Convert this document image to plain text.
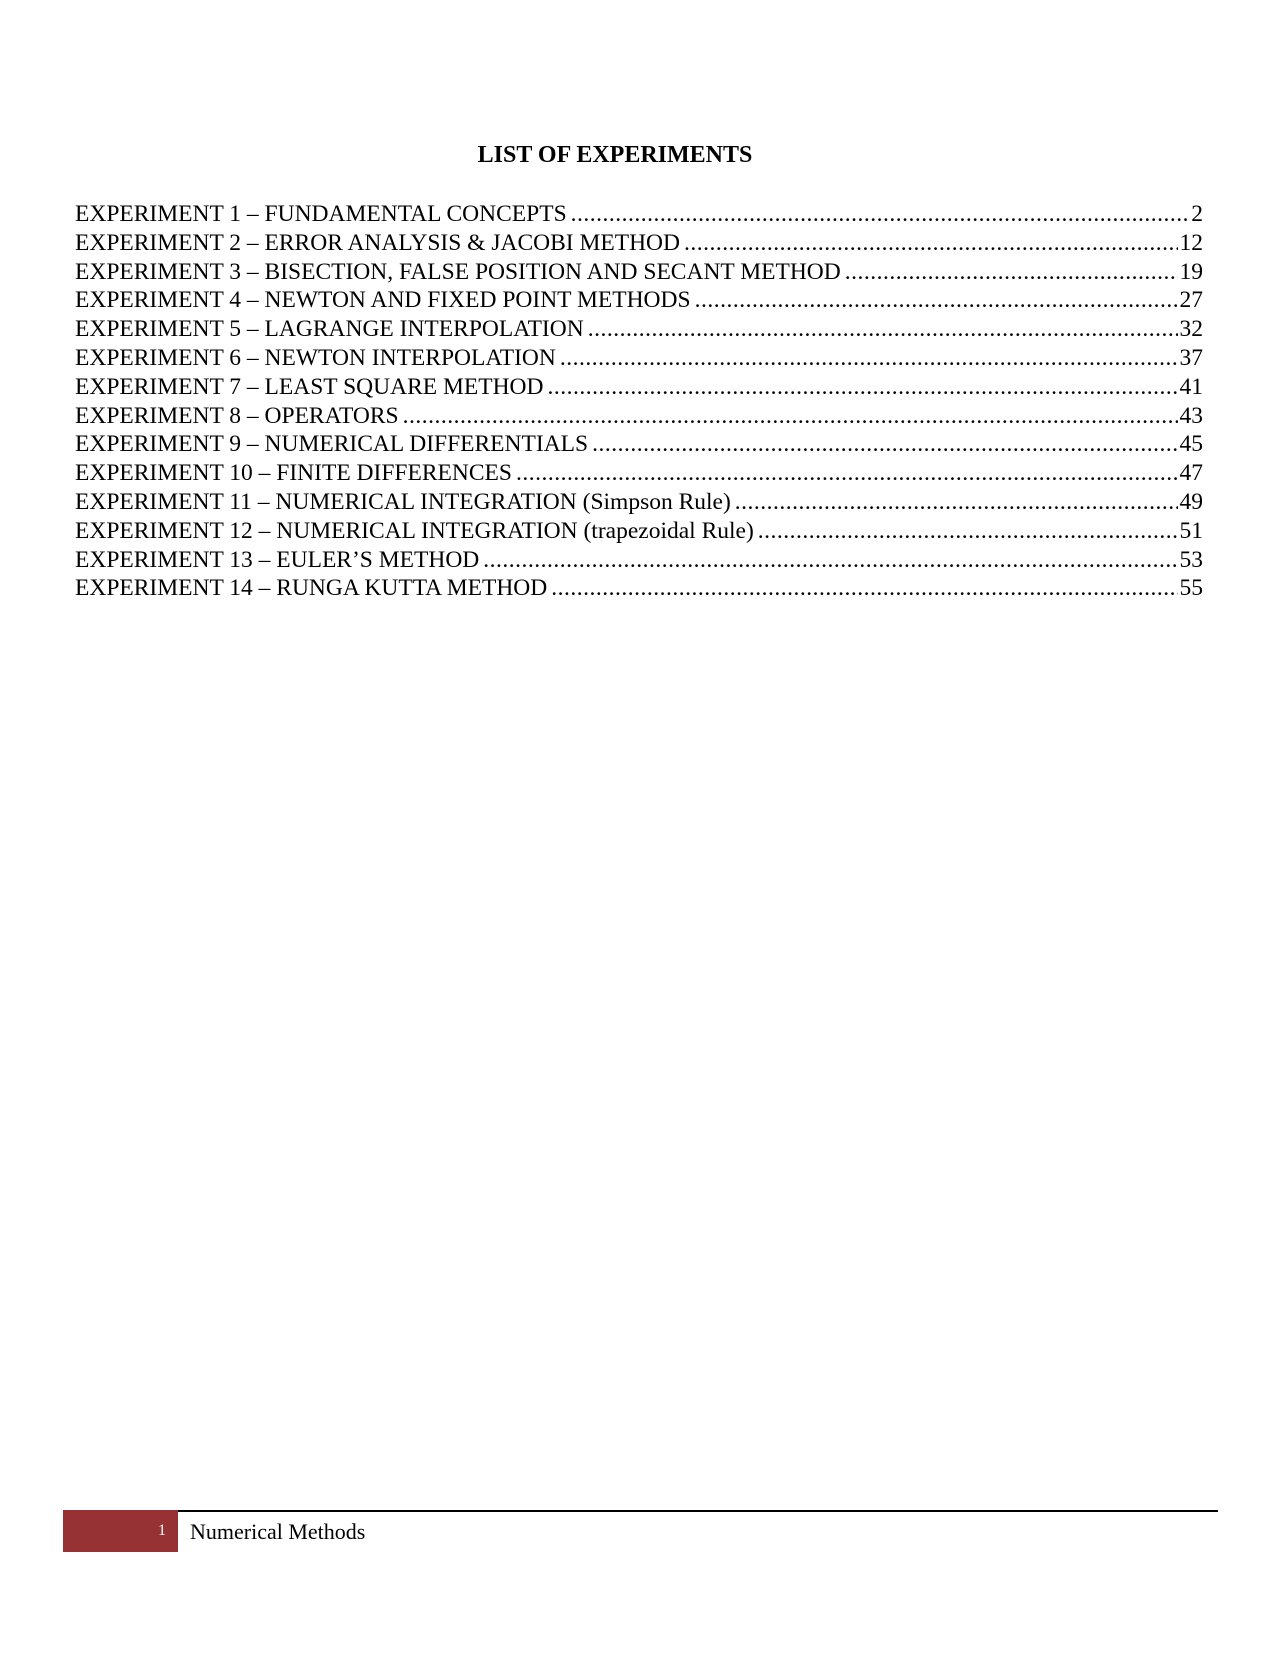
LIST OF EXPERIMENTS
EXPERIMENT 1 – FUNDAMENTAL CONCEPTS .....	2
EXPERIMENT 2 – ERROR ANALYSIS & JACOBI METHOD .....	12
EXPERIMENT 3 – BISECTION, FALSE POSITION AND SECANT METHOD .....	19
EXPERIMENT 4 – NEWTON AND FIXED POINT METHODS .....	27
EXPERIMENT 5 – LAGRANGE INTERPOLATION .....	32
EXPERIMENT 6 – NEWTON INTERPOLATION .....	37
EXPERIMENT 7 – LEAST SQUARE METHOD .....	41
EXPERIMENT 8 – OPERATORS .....	43
EXPERIMENT 9 – NUMERICAL DIFFERENTIALS .....	45
EXPERIMENT 10 – FINITE DIFFERENCES .....	47
EXPERIMENT 11 – NUMERICAL INTEGRATION (Simpson Rule) .....	49
EXPERIMENT 12 – NUMERICAL INTEGRATION (trapezoidal Rule) .....	51
EXPERIMENT 13 – EULER’S METHOD .....	53
EXPERIMENT 14 – RUNGA KUTTA METHOD .....	55
1	Numerical Methods
